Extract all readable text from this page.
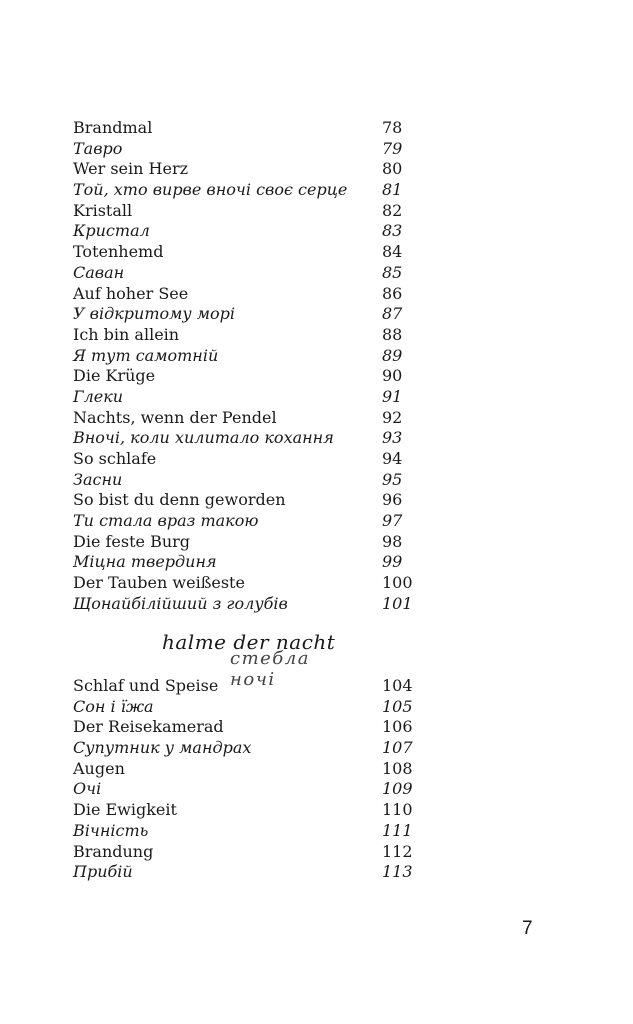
Brandmal	78
Тавро	79
Wer sein Herz	80
Той, хто вирве вночі своє серце 81
Kristall	82
Кристал	83
Totenhemd	84
Саван	85
Auf hoher See	86
У відкритому морі	87
Ich bin allein	88
Я тут самотній	89
Die Krüge	90
Глеки	91
Nachts, wenn der Pendel	92
Вночі, коли хилитало кохання	93
So schlafe	94
Засни	95
So bist du denn geworden	96
Ти стала враз такою	97
Die feste Burg	98
Міцна твердиня	99
Der Tauben weißeste	100
Щонайбілійший з голубів	101
halme der nacht
стебла ночі
Schlaf und Speise	104
Сон і їжа	105
Der Reisekamerad	106
Супутник у мандрах	107
Augen	108
Очі	109
Die Ewigkeit	110
Вічність	111
Brandung	112
Прибій	113
7
